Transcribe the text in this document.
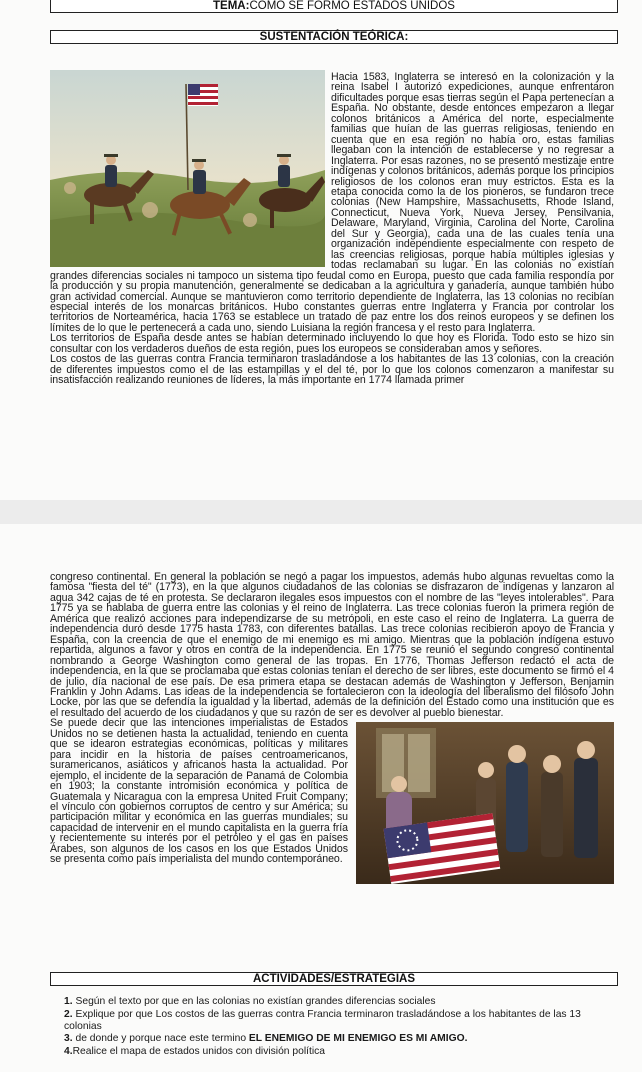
TEMA:COMO SE FORMÓ ESTADOS UNIDOS
SUSTENTACIÓN TEÓRICA:

Hacia 1583, Inglaterra se interesó en la colonización y la reina Isabel I autorizó expediciones, aunque enfrentaron dificultades porque esas tierras según el Papa pertenecían a España. No obstante, desde entonces empezaron a llegar colonos británicos a América del norte, especialmente familias que huían de las guerras religiosas, teniendo en cuenta que en esa región no había oro, estas familias llegaban con la intención de establecerse y no regresar a Inglaterra. Por esas razones, no se presentó mestizaje entre indígenas y colonos británicos, además porque los principios religiosos de los colonos eran muy estrictos. Esta es la etapa conocida como la de los pioneros, se fundaron trece colonias (New Hampshire, Massachusetts, Rhode Island, Connecticut, Nueva York, Nueva Jersey, Pensilvania, Delaware, Maryland, Virginia, Carolina del Norte, Carolina del Sur y Georgia), cada una de las cuales tenía una organización independiente especialmente con respeto de las creencias religiosas, porque había múltiples iglesias y todas reclamaban su lugar. En las colonias no existían grandes diferencias sociales ni tampoco un sistema tipo feudal como en Europa, puesto que cada familia respondía por la producción y su propia manutención, generalmente se dedicaban a la agricultura y ganadería, aunque también hubo gran actividad comercial. Aunque se mantuvieron como territorio dependiente de Inglaterra, las 13 colonias no recibían especial interés de los monarcas británicos. Hubo constantes guerras entre Inglaterra y Francia por controlar los territorios de Norteamérica, hacia 1763 se establece un tratado de paz entre los dos reinos europeos y se definen los límites de lo que le pertenecerá a cada uno, siendo Luisiana la región francesa y el resto para Inglaterra.

Los territorios de España desde antes se habían determinado incluyendo lo que hoy es Florida. Todo esto se hizo sin consultar con los verdaderos dueños de esta región, pues los europeos se consideraban amos y señores.

Los costos de las guerras contra Francia terminaron trasladándose a los habitantes de las 13 colonias, con la creación de diferentes impuestos como el de las estampillas y el del té, por lo que los colonos comenzaron a manifestar su insatisfacción realizando reuniones de líderes, la más importante en 1774 llamada primer

congreso continental. En general la población se negó a pagar los impuestos, además hubo algunas revueltas como la famosa "fiesta del té" (1773), en la que algunos ciudadanos de las colonias se disfrazaron de indígenas y lanzaron al agua 342 cajas de té en protesta. Se declararon ilegales esos impuestos con el nombre de las "leyes intolerables". Para 1775 ya se hablaba de guerra entre las colonias y el reino de Inglaterra. Las trece colonias fueron la primera región de América que realizó acciones para independizarse de su metrópoli, en este caso el reino de Inglaterra. La guerra de independencia duró desde 1775 hasta 1783, con diferentes batallas. Las trece colonias recibieron apoyo de Francia y España, con la creencia de que el enemigo de mi enemigo es mi amigo. Mientras que la población indígena estuvo repartida, algunos a favor y otros en contra de la independencia. En 1775 se reunió el segundo congreso continental nombrando a George Washington como general de las tropas. En 1776, Thomas Jefferson redactó el acta de independencia, en la que se proclamaba que estas colonias tenían el derecho de ser libres, este documento se firmó el 4 de julio, día nacional de ese país. De esa primera etapa se destacan además de Washington y Jefferson, Benjamin Franklin y John Adams. Las ideas de la independencia se fortalecieron con la ideología del liberalismo del filósofo John Locke, por las que se defendía la igualdad y la libertad, además de la definición del Estado como una institución que es el resultado del acuerdo de los ciudadanos y que su razón de ser es devolver al pueblo bienestar.

Se puede decir que las intenciones imperialistas de Estados Unidos no se detienen hasta la actualidad, teniendo en cuenta que se idearon estrategias económicas, políticas y militares para incidir en la historia de países centroamericanos, suramericanos, asiáticos y africanos hasta la actualidad. Por ejemplo, el incidente de la separación de Panamá de Colombia en 1903; la constante intromisión económica y política de Guatemala y Nicaragua con la empresa United Fruit Company; el vínculo con gobiernos corruptos de centro y sur América; su participación militar y económica en las guerras mundiales; su capacidad de intervenir en el mundo capitalista en la guerra fría y recientemente su interés por el petróleo y el gas en países Árabes, son algunos de los casos en los que Estados Unidos se presenta como país imperialista del mundo contemporáneo.

ACTIVIDADES/ESTRATEGIAS
1. Según el texto por que en las colonias no existían grandes diferencias sociales
2. Explique por que Los costos de las guerras contra Francia terminaron trasladándose a los habitantes de las 13 colonias
3. de donde y porque nace este termino EL ENEMIGO DE MI ENEMIGO ES MI AMIGO.
4.Realice el mapa de estados unidos con división política
